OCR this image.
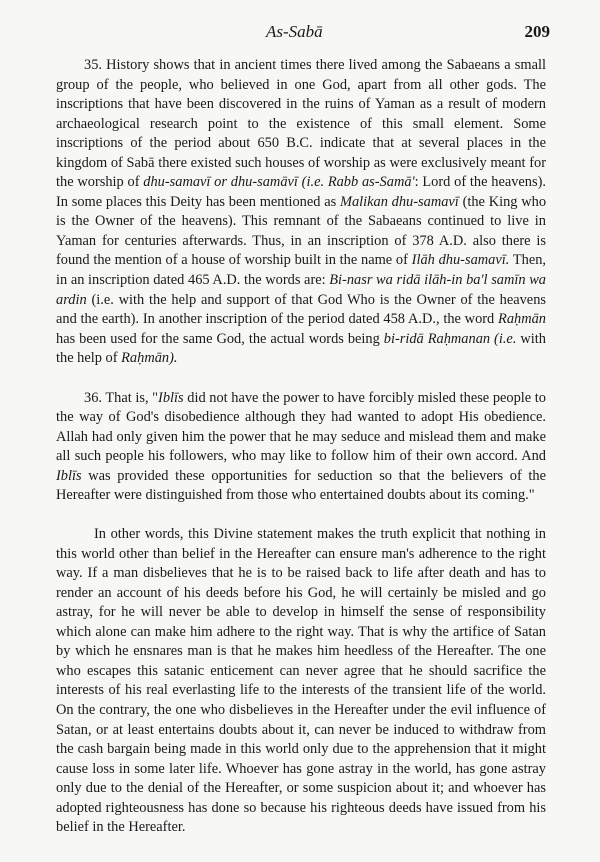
As-Sabā	209

35. History shows that in ancient times there lived among the Sabaeans a small group of the people, who believed in one God, apart from all other gods. The inscriptions that have been discovered in the ruins of Yaman as a result of modern archaeological research point to the existence of this small element. Some inscriptions of the period about 650 B.C. indicate that at several places in the kingdom of Sabā there existed such houses of worship as were exclusively meant for the worship of dhu-samavī or dhu-samāvī (i.e. Rabb as-Samā': Lord of the heavens). In some places this Deity has been mentioned as Malikan dhu-samavī (the King who is the Owner of the heavens). This remnant of the Sabaeans continued to live in Yaman for centuries afterwards. Thus, in an inscription of 378 A.D. also there is found the mention of a house of worship built in the name of Ilāh dhu-samavī. Then, in an inscription dated 465 A.D. the words are: Bi-nasr wa ridā ilāh-in ba'l samīn wa ardin (i.e. with the help and support of that God Who is the Owner of the heavens and the earth). In another inscription of the period dated 458 A.D., the word Raḥmān has been used for the same God, the actual words being bi-ridā Raḥmanan (i.e. with the help of Raḥmān).

36. That is, "Iblīs did not have the power to have forcibly misled these people to the way of God's disobedience although they had wanted to adopt His obedience. Allah had only given him the power that he may seduce and mislead them and make all such people his followers, who may like to follow him of their own accord. And Iblīs was provided these opportunities for seduction so that the believers of the Hereafter were distinguished from those who entertained doubts about its coming."

In other words, this Divine statement makes the truth explicit that nothing in this world other than belief in the Hereafter can ensure man's adherence to the right way. If a man disbelieves that he is to be raised back to life after death and has to render an account of his deeds before his God, he will certainly be misled and go astray, for he will never be able to develop in himself the sense of responsibility which alone can make him adhere to the right way. That is why the artifice of Satan by which he ensnares man is that he makes him heedless of the Hereafter. The one who escapes this satanic enticement can never agree that he should sacrifice the interests of his real everlasting life to the interests of the transient life of the world. On the contrary, the one who disbelieves in the Hereafter under the evil influence of Satan, or at least entertains doubts about it, can never be induced to withdraw from the cash bargain being made in this world only due to the apprehension that it might cause loss in some later life. Whoever has gone astray in the world, has gone astray only due to the denial of the Hereafter, or some suspicion about it; and whoever has adopted righteousness has done so because his righteous deeds have issued from his belief in the Hereafter.
